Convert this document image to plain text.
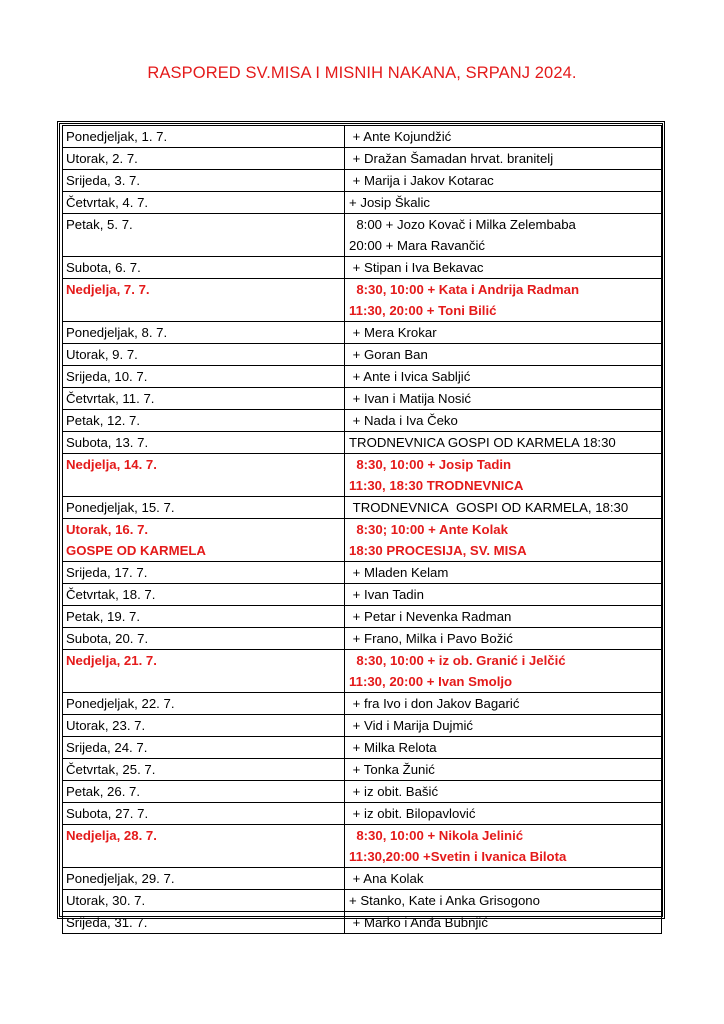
RASPORED SV.MISA I MISNIH NAKANA, SRPANJ 2024.
Ponedjeljak, 1. 7.	+ Ante Kojundžić

Utorak, 2. 7.	+ Dražan Šamadan hrvat. branitelj

Srijeda, 3. 7.	+ Marija i Jakov Kotarac

Četvrtak, 4. 7.	+ Josip Škalic

Petak, 5. 7.	8:00 + Jozo Kovač i Milka Zelembaba
20:00 + Mara Ravančić

Subota, 6. 7.	+ Stipan i Iva Bekavac

Nedjelja, 7. 7.	8:30, 10:00 + Kata i Andrija Radman
11:30, 20:00 + Toni Bilić

Ponedjeljak, 8. 7.	+ Mera Krokar

Utorak, 9. 7.	+ Goran Ban

Srijeda, 10. 7.	+ Ante i Ivica Sabljić

Četvrtak, 11. 7.	+ Ivan i Matija Nosić

Petak, 12. 7.	+ Nada i Iva Čeko

Subota, 13. 7.	TRODNEVNICA GOSPI OD KARMELA 18:30

Nedjelja, 14. 7.	8:30, 10:00 + Josip Tadin
11:30, 18:30 TRODNEVNICA

Ponedjeljak, 15. 7.	TRODNEVNICA  GOSPI OD KARMELA, 18:30

Utorak, 16. 7.
GOSPE OD KARMELA	8:30; 10:00 + Ante Kolak
18:30 PROCESIJA, SV. MISA

Srijeda, 17. 7.	+ Mladen Kelam

Četvrtak, 18. 7.	+ Ivan Tadin

Petak, 19. 7.	+ Petar i Nevenka Radman

Subota, 20. 7.	+ Frano, Milka i Pavo Božić

Nedjelja, 21. 7.	8:30, 10:00 + iz ob. Granić i Jelčić
11:30, 20:00 + Ivan Smoljo

Ponedjeljak, 22. 7.	+ fra Ivo i don Jakov Bagarić

Utorak, 23. 7.	+ Vid i Marija Dujmić

Srijeda, 24. 7.	+ Milka Relota

Četvrtak, 25. 7.	+ Tonka Žunić

Petak, 26. 7.	+ iz obit. Bašić

Subota, 27. 7.	+ iz obit. Bilopavlović

Nedjelja, 28. 7.	8:30, 10:00 + Nikola Jelinić
11:30,20:00 +Svetin i Ivanica Bilota

Ponedjeljak, 29. 7.	+ Ana Kolak

Utorak, 30. 7.	+ Stanko, Kate i Anka Grisogono

Srijeda, 31. 7.	+ Marko i Anđa Bubnjić
